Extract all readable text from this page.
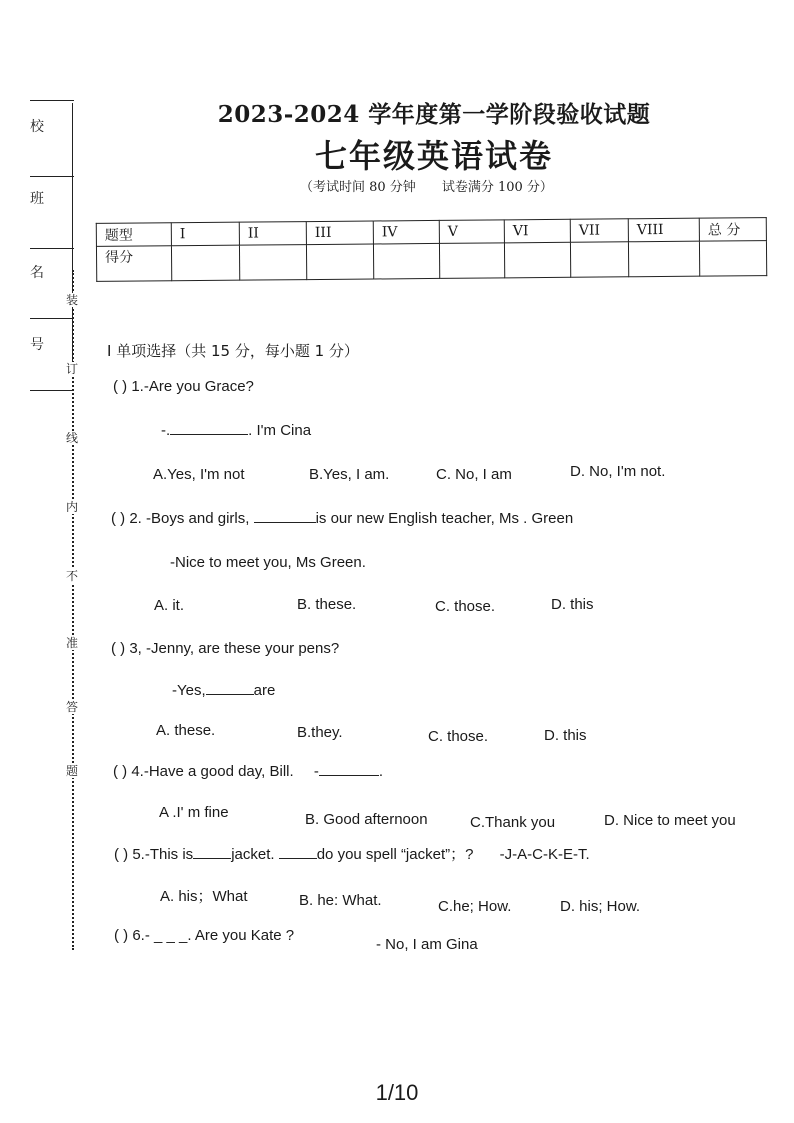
校
班
名
号
装
订
线
内
不
准
答
题
2023-2024 学年度第一学阶段验收试题
七年级英语试卷
（考试时间 80 分钟 试卷满分 100 分）
题型	I	II	III	IV	V	VI	VII	VIII	总 分
得分									
I 单项选择（共 15 分，每小题 1 分）
( ) 1.-Are you Grace?
-.	. I'm Cina
A.Yes, I'm not	B.Yes, I am.	C. No, I am	D. No, I'm not.
( ) 2. -Boys and girls,	is our new English teacher, Ms . Green
-Nice to meet you, Ms Green.
A. it.	B. these.	C. those.	D. this
( ) 3, -Jenny, are these your pens?
-Yes,	are
A. these.	B.they.	C. those.	D. this
( ) 4.-Have a good day, Bill. -	.
A .I' m fine	B. Good afternoon	C.Thank you	D. Nice to meet you
( ) 5.-This is	jacket.	do you spell “jacket”；? -J-A-C-K-E-T.
A. his；What	B. he: What.	C.he; How.	D. his; How.
( ) 6.- _ _ _. Are you Kate ?
- No, I am Gina
1/10
